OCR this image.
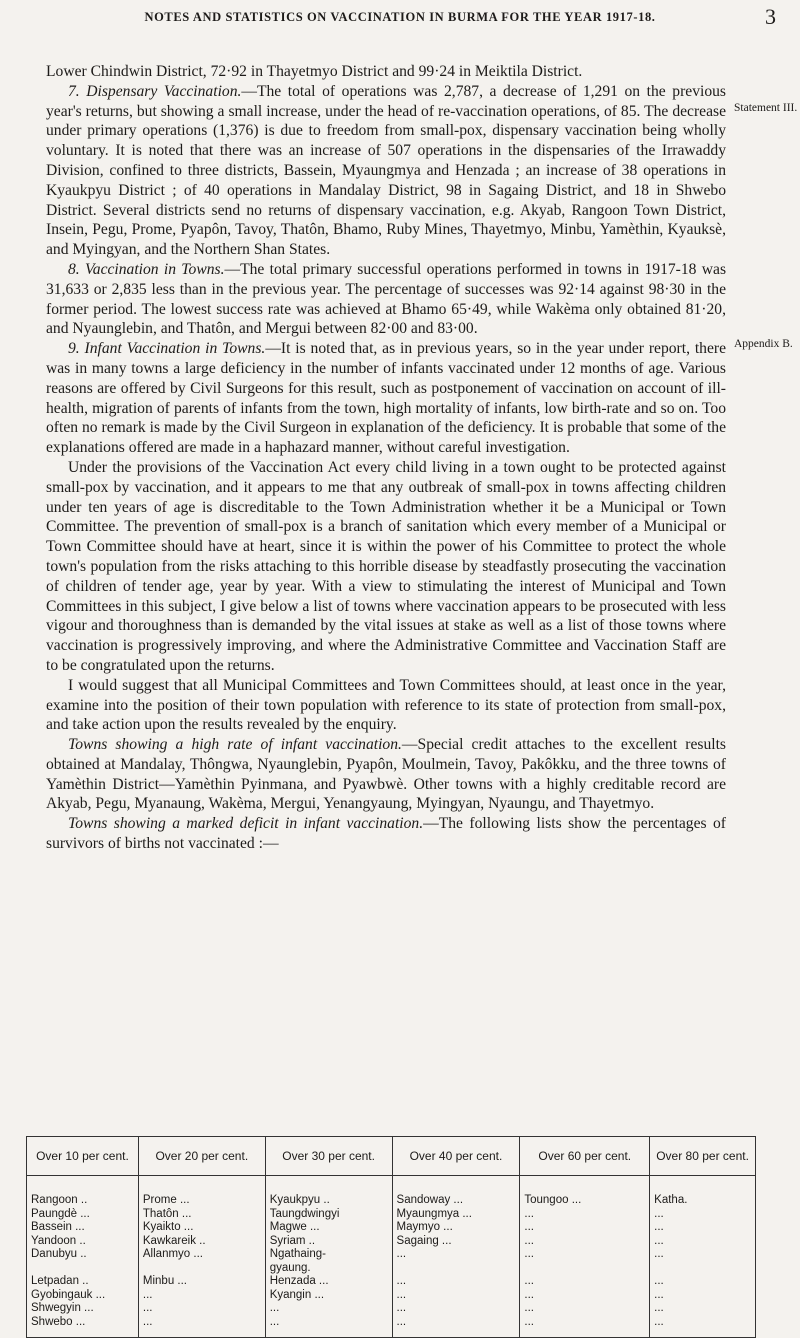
NOTES AND STATISTICS ON VACCINATION IN BURMA FOR THE YEAR 1917-18.	3

Lower Chindwin District, 72·92 in Thayetmyo District and 99·24 in Meiktila District.

7. Dispensary Vaccination.—The total of operations was 2,787, a decrease of 1,291 on the previous year's returns, but showing a small increase, under the head of re-vaccination operations, of 85. The decrease under primary operations (1,376) is due to freedom from small-pox, dispensary vaccination being wholly voluntary. It is noted that there was an increase of 507 operations in the dispensaries of the Irrawaddy Division, confined to three districts, Bassein, Myaungmya and Henzada ; an increase of 38 operations in Kyaukpyu District ; of 40 operations in Mandalay District, 98 in Sagaing District, and 18 in Shwebo District. Several districts send no returns of dispensary vaccination, e.g. Akyab, Rangoon Town District, Insein, Pegu, Prome, Pyapôn, Tavoy, Thatôn, Bhamo, Ruby Mines, Thayetmyo, Minbu, Yamèthin, Kyauksè, and Myingyan, and the Northern Shan States.

8. Vaccination in Towns.—The total primary successful operations performed in towns in 1917-18 was 31,633 or 2,835 less than in the previous year. The percentage of successes was 92·14 against 98·30 in the former period. The lowest success rate was achieved at Bhamo 65·49, while Wakèma only obtained 81·20, and Nyaunglebin, and Thatôn, and Mergui between 82·00 and 83·00.

9. Infant Vaccination in Towns.—It is noted that, as in previous years, so in the year under report, there was in many towns a large deficiency in the number of infants vaccinated under 12 months of age. Various reasons are offered by Civil Surgeons for this result, such as postponement of vaccination on account of ill-health, migration of parents of infants from the town, high mortality of infants, low birth-rate and so on. Too often no remark is made by the Civil Surgeon in explanation of the deficiency. It is probable that some of the explanations offered are made in a haphazard manner, without careful investigation.

Under the provisions of the Vaccination Act every child living in a town ought to be protected against small-pox by vaccination, and it appears to me that any outbreak of small-pox in towns affecting children under ten years of age is discreditable to the Town Administration whether it be a Municipal or Town Committee. The prevention of small-pox is a branch of sanitation which every member of a Municipal or Town Committee should have at heart, since it is within the power of his Committee to protect the whole town's population from the risks attaching to this horrible disease by steadfastly prosecuting the vaccination of children of tender age, year by year. With a view to stimulating the interest of Municipal and Town Committees in this subject, I give below a list of towns where vaccination appears to be prosecuted with less vigour and thoroughness than is demanded by the vital issues at stake as well as a list of those towns where vaccination is progressively improving, and where the Administrative Committee and Vaccination Staff are to be congratulated upon the returns.

I would suggest that all Municipal Committees and Town Committees should, at least once in the year, examine into the position of their town population with reference to its state of protection from small-pox, and take action upon the results revealed by the enquiry.

Towns showing a high rate of infant vaccination.—Special credit attaches to the excellent results obtained at Mandalay, Thôngwa, Nyaunglebin, Pyapôn, Moulmein, Tavoy, Pakôkku, and the three towns of Yamèthin District—Yamèthin Pyinmana, and Pyawbwè. Other towns with a highly creditable record are Akyab, Pegu, Myanaung, Wakèma, Mergui, Yenangyaung, Myingyan, Nyaungu, and Thayetmyo.

Towns showing a marked deficit in infant vaccination.—The following lists show the percentages of survivors of births not vaccinated :—

Statement III.
Appendix B.
Over 10 per cent.	Over 20 per cent.	Over 30 per cent.	Over 40 per cent.	Over 60 per cent.	Over 80 per cent.
Rangoon ..	Prome ...	Kyaukpyu ..	Sandoway ...	Toungoo ...	Katha.
Paungdè ...	Thatôn ...	Taungdwingyi	Myaungmya ...	...	...
Bassein ...	Kyaikto ...	Magwe ...	Maymyo ...	...	...
Yandoon ..	Kawkareik ..	Syriam ..	Sagaing ...	...	...
Danubyu ..	Allanmyo ...	Ngathaing-	...	...	...
		gyaung.			
Letpadan ..	Minbu ...	Henzada ...	...	...	...
Gyobingauk ...	...	Kyangin ...	...	...	...
Shwegyin ...	...	...	...	...	...
Shwebo ...	...	...	...	...	...
